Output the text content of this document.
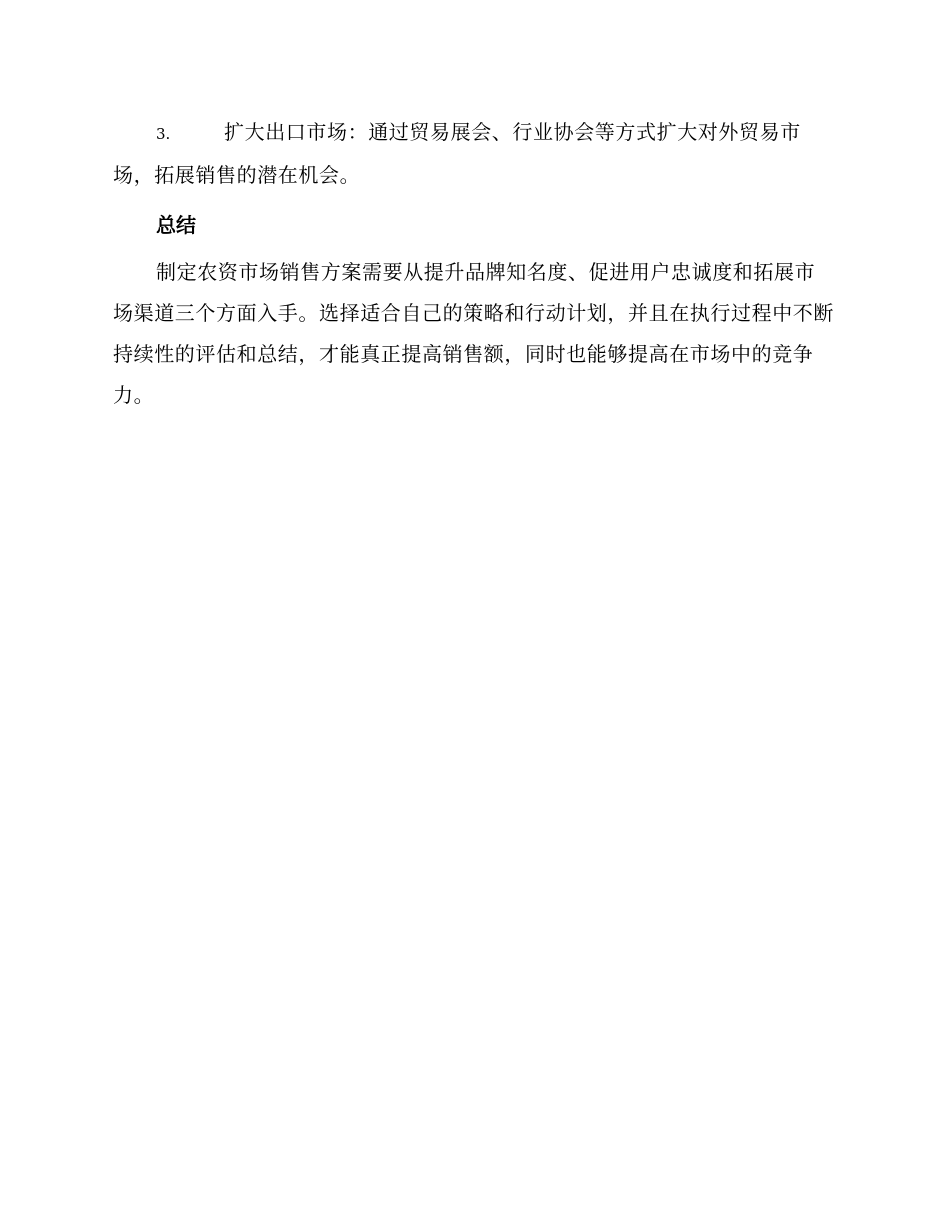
3.	扩大出口市场：通过贸易展会、行业协会等方式扩大对外贸易市场，拓展销售的潜在机会。

总结

制定农资市场销售方案需要从提升品牌知名度、促进用户忠诚度和拓展市场渠道三个方面入手。选择适合自己的策略和行动计划，并且在执行过程中不断持续性的评估和总结，才能真正提高销售额，同时也能够提高在市场中的竞争力。
